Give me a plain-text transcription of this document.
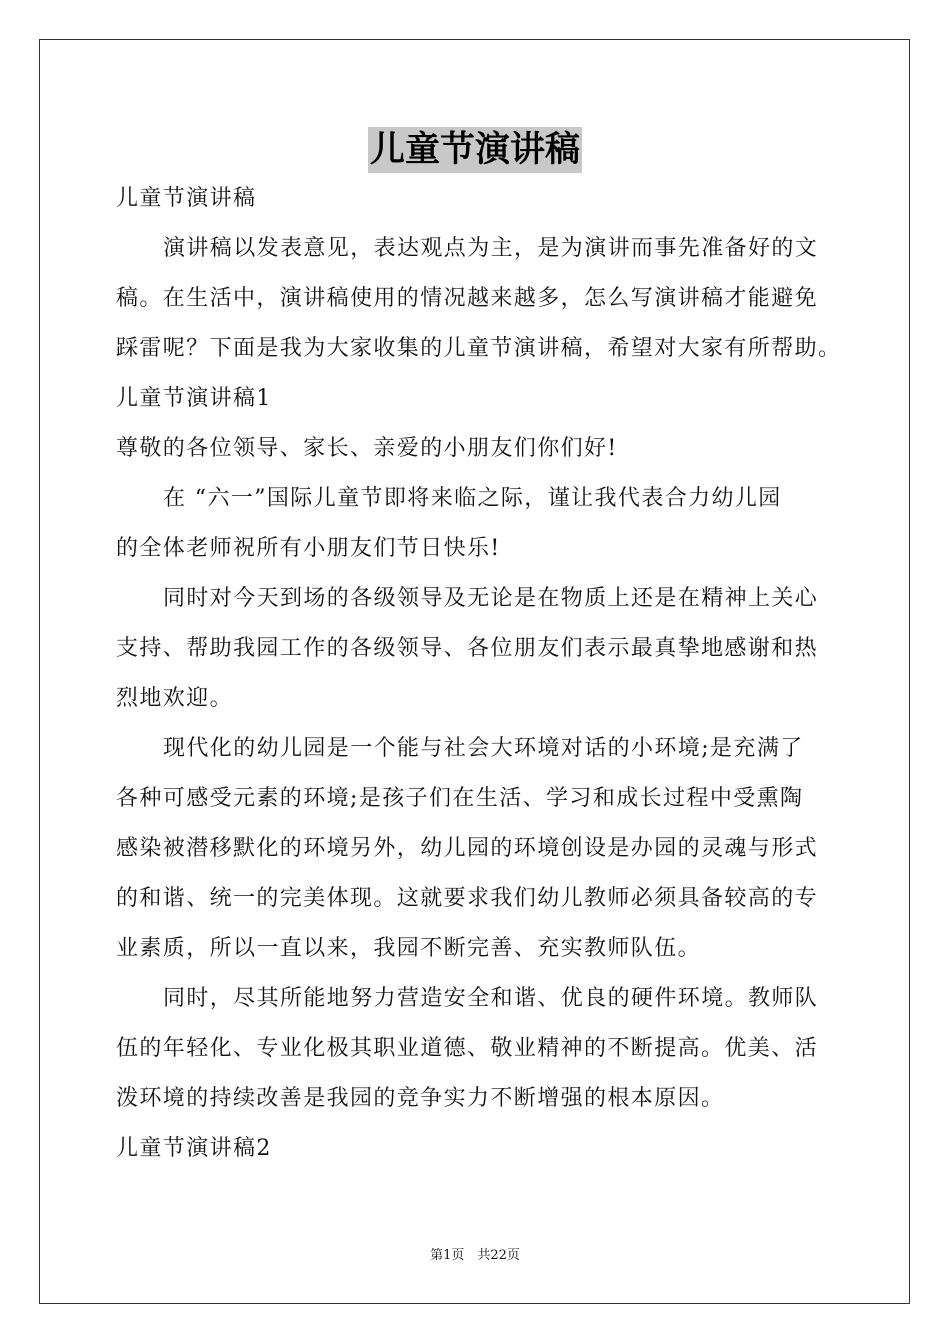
儿童节演讲稿
儿童节演讲稿
演讲稿以发表意见，表达观点为主，是为演讲而事先准备好的文
稿。在生活中，演讲稿使用的情况越来越多，怎么写演讲稿才能避免
踩雷呢？下面是我为大家收集的儿童节演讲稿，希望对大家有所帮助。
儿童节演讲稿1
尊敬的各位领导、家长、亲爱的小朋友们你们好!
在 “六一”国际儿童节即将来临之际，谨让我代表合力幼儿园
的全体老师祝所有小朋友们节日快乐!
同时对今天到场的各级领导及无论是在物质上还是在精神上关心
支持、帮助我园工作的各级领导、各位朋友们表示最真挚地感谢和热
烈地欢迎。
现代化的幼儿园是一个能与社会大环境对话的小环境;是充满了
各种可感受元素的环境;是孩子们在生活、学习和成长过程中受熏陶
感染被潜移默化的环境另外，幼儿园的环境创设是办园的灵魂与形式
的和谐、统一的完美体现。这就要求我们幼儿教师必须具备较高的专
业素质，所以一直以来，我园不断完善、充实教师队伍。
同时，尽其所能地努力营造安全和谐、优良的硬件环境。教师队
伍的年轻化、专业化极其职业道德、敬业精神的不断提高。优美、活
泼环境的持续改善是我园的竞争实力不断增强的根本原因。
儿童节演讲稿2
第1页　共22页
